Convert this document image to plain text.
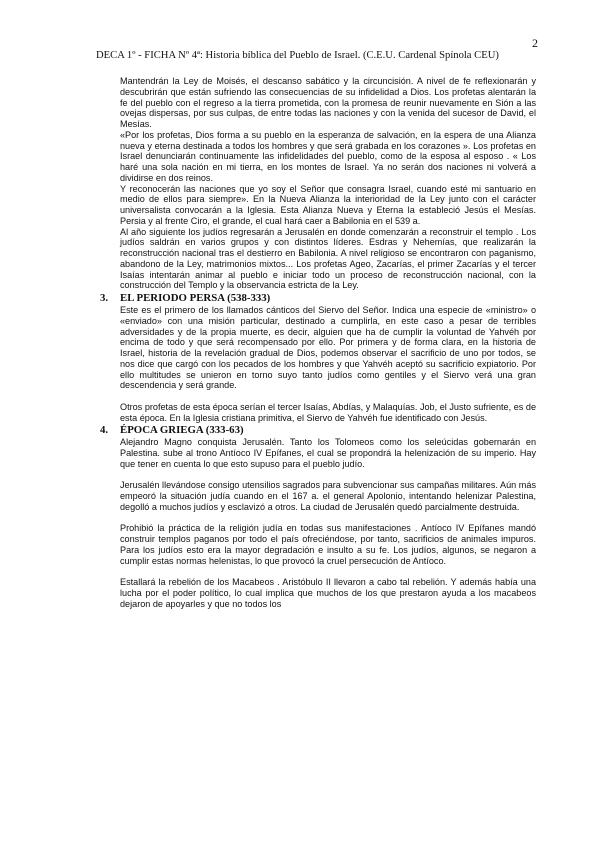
2
DECA 1º - FICHA Nº 4ª: Historia bíblica del Pueblo de Israel. (C.E.U. Cardenal Spínola CEU)

Mantendrán la Ley de Moisés, el descanso sabático y la circuncisión. A nivel de fe reflexionarán y descubrirán que están sufriendo las consecuencias de su infidelidad a Dios. Los profetas alentarán la fe del pueblo con el regreso a la tierra prometida, con la promesa de reunir nuevamente en Sión a las ovejas dispersas, por sus culpas, de entre todas las naciones y con la venida del sucesor de David, el Mesías.

«Por los profetas, Dios forma a su pueblo en la esperanza de salvación, en la espera de una Alianza nueva y eterna destinada a todos los hombres y que será grabada en los corazones ». Los profetas en Israel denunciarán continuamente las infidelidades del pueblo, como de la esposa al esposo . « Los haré una sola nación en mi tierra, en los montes de Israel. Ya no serán dos naciones ni volverá a dividirse en dos reinos.

Y reconocerán las naciones que yo soy el Señor que consagra Israel, cuando esté mi santuario en medio de ellos para siempre». En la Nueva Alianza la interioridad de la Ley junto con el carácter universalista convocarán a la Iglesia. Esta Alianza Nueva y Eterna la estableció Jesús el Mesías. Persia y al frente Ciro, el grande, el cual hará caer a Babilonia en el 539 a.

Al año siguiente los judíos regresarán a Jerusalén en donde comenzarán a reconstruir el templo . Los judíos saldrán en varios grupos y con distintos líderes. Esdras y Nehemías, que realizarán la reconstrucción nacional tras el destierro en Babilonia. A nivel religioso se encontraron con paganismo, abandono de la Ley, matrimonios mixtos... Los profetas Ageo, Zacarías, el primer Zacarías y el tercer Isaías intentarán animar al pueblo e iniciar todo un proceso de reconstrucción nacional, con la construcción del Templo y la observancia estricta de la Ley.

3. EL PERIODO PERSA (538-333)

Este es el primero de los llamados cánticos del Siervo del Señor. Indica una especie de «ministro» o «enviado» con una misión particular, destinado a cumplirla, en este caso a pesar de terribles adversidades y de la propia muerte, es decir, alguien que ha de cumplir la voluntad de Yahvéh por encima de todo y que será recompensado por ello. Por primera y de forma clara, en la historia de Israel, historia de la revelación gradual de Dios, podemos observar el sacrificio de uno por todos, se nos dice que cargó con los pecados de los hombres y que Yahvéh aceptó su sacrificio expiatorio. Por ello multitudes se unieron en torno suyo tanto judíos como gentiles y el Siervo verá una gran descendencia y será grande.

Otros profetas de esta época serían el tercer Isaías, Abdías, y Malaquías. Job, el Justo sufriente, es de esta época. En la Iglesia cristiana primitiva, el Siervo de Yahvéh fue identificado con Jesús.

4. ÉPOCA GRIEGA (333-63)

Alejandro Magno conquista Jerusalén. Tanto los Tolomeos como los seleúcidas gobernarán en Palestina. sube al trono Antíoco IV Epífanes, el cual se propondrá la helenización de su imperio. Hay que tener en cuenta lo que esto supuso para el pueblo judío.

Jerusalén llevándose consigo utensilios sagrados para subvencionar sus campañas militares. Aún más empeoró la situación judía cuando en el 167 a. el general Apolonio, intentando helenizar Palestina, degolló a muchos judíos y esclavizó a otros. La ciudad de Jerusalén quedó parcialmente destruida.

Prohibió la práctica de la religión judía en todas sus manifestaciones . Antíoco IV Epífanes mandó construir templos paganos por todo el país ofreciéndose, por tanto, sacrificios de animales impuros. Para los judíos esto era la mayor degradación e insulto a su fe. Los judíos, algunos, se negaron a cumplir estas normas helenistas, lo que provocó la cruel persecución de Antíoco.

Estallará la rebelión de los Macabeos . Aristóbulo II llevaron a cabo tal rebelión. Y además había una lucha por el poder político, lo cual implica que muchos de los que prestaron ayuda a los macabeos dejaron de apoyarles y que no todos los
